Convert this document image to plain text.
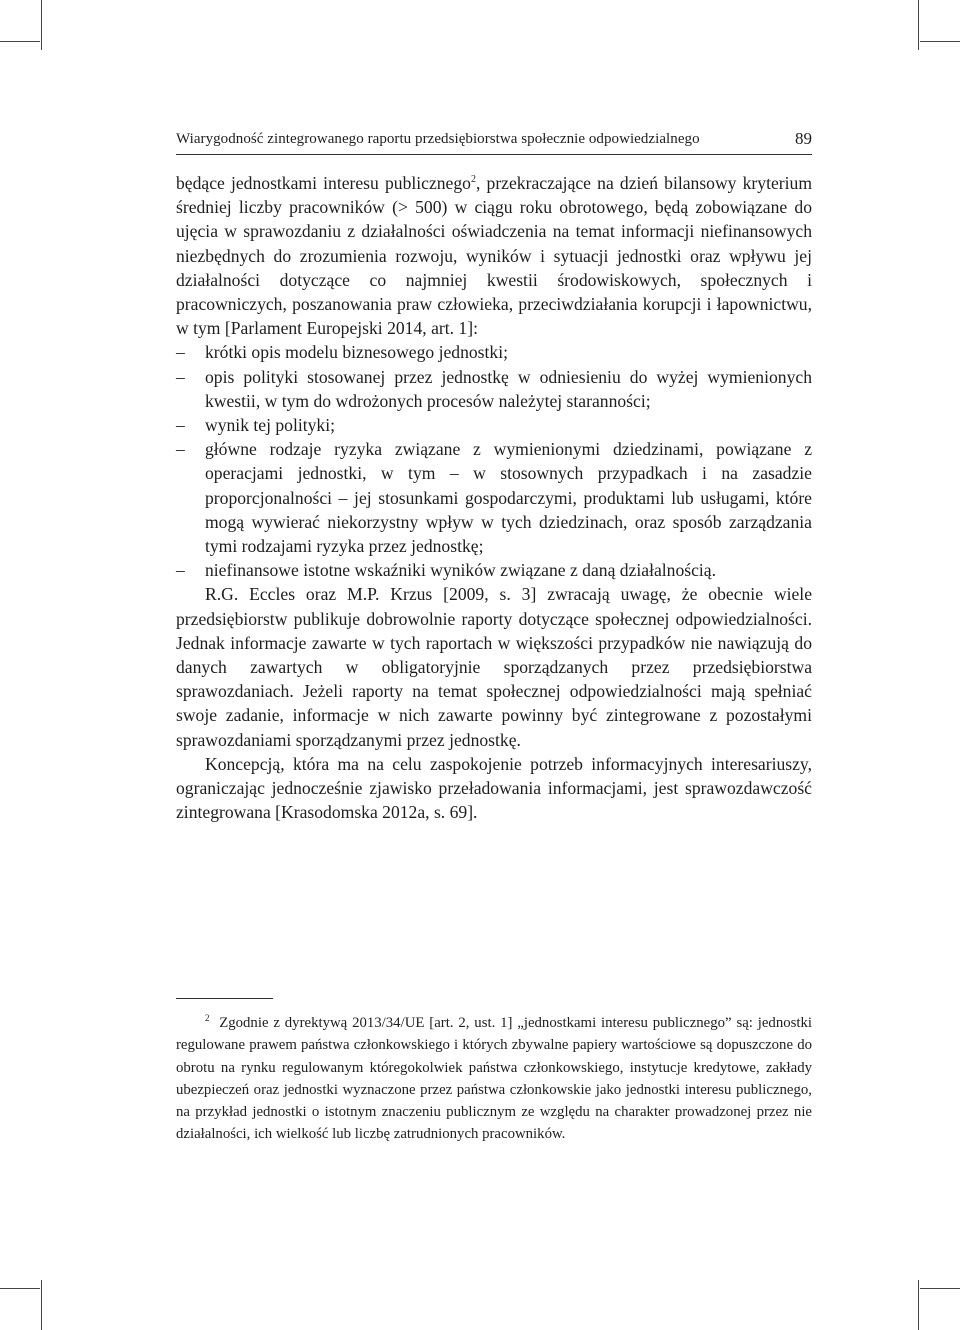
Wiarygodność zintegrowanego raportu przedsiębiorstwa społecznie odpowiedzialnego	89

będące jednostkami interesu publicznego$^2$, przekraczające na dzień bilansowy kryterium średniej liczby pracowników (> 500) w ciągu roku obrotowego, będą zobowiązane do ujęcia w sprawozdaniu z działalności oświadczenia na temat informacji niefinansowych niezbędnych do zrozumienia rozwoju, wyników i sytuacji jednostki oraz wpływu jej działalności dotyczące co najmniej kwestii środowiskowych, społecznych i pracowniczych, poszanowania praw człowieka, przeciwdziałania korupcji i łapownictwu, w tym [Parlament Europejski 2014, art. 1]:

– krótki opis modelu biznesowego jednostki;
– opis polityki stosowanej przez jednostkę w odniesieniu do wyżej wymienionych kwestii, w tym do wdrożonych procesów należytej staranności;
– wynik tej polityki;
– główne rodzaje ryzyka związane z wymienionymi dziedzinami, powiązane z operacjami jednostki, w tym – w stosownych przypadkach i na zasadzie proporcjonalności – jej stosunkami gospodarczymi, produktami lub usługami, które mogą wywierać niekorzystny wpływ w tych dziedzinach, oraz sposób zarządzania tymi rodzajami ryzyka przez jednostkę;
– niefinansowe istotne wskaźniki wyników związane z daną działalnością.

R.G. Eccles oraz M.P. Krzus [2009, s. 3] zwracają uwagę, że obecnie wiele przedsiębiorstw publikuje dobrowolnie raporty dotyczące społecznej odpowiedzialności. Jednak informacje zawarte w tych raportach w większości przypadków nie nawiązują do danych zawartych w obligatoryjnie sporządzanych przez przedsiębiorstwa sprawozdaniach. Jeżeli raporty na temat społecznej odpowiedzialności mają spełniać swoje zadanie, informacje w nich zawarte powinny być zintegrowane z pozostałymi sprawozdaniami sporządzanymi przez jednostkę.

Koncepcją, która ma na celu zaspokojenie potrzeb informacyjnych interesariuszy, ograniczając jednocześnie zjawisko przeładowania informacjami, jest sprawozdawczość zintegrowana [Krasodomska 2012a, s. 69].

$^2$ Zgodnie z dyrektywą 2013/34/UE [art. 2, ust. 1] „jednostkami interesu publicznego” są: jednostki regulowane prawem państwa członkowskiego i których zbywalne papiery wartościowe są dopuszczone do obrotu na rynku regulowanym któregokolwiek państwa członkowskiego, instytucje kredytowe, zakłady ubezpieczeń oraz jednostki wyznaczone przez państwa członkowskie jako jednostki interesu publicznego, na przykład jednostki o istotnym znaczeniu publicznym ze względu na charakter prowadzonej przez nie działalności, ich wielkość lub liczbę zatrudnionych pracowników.
